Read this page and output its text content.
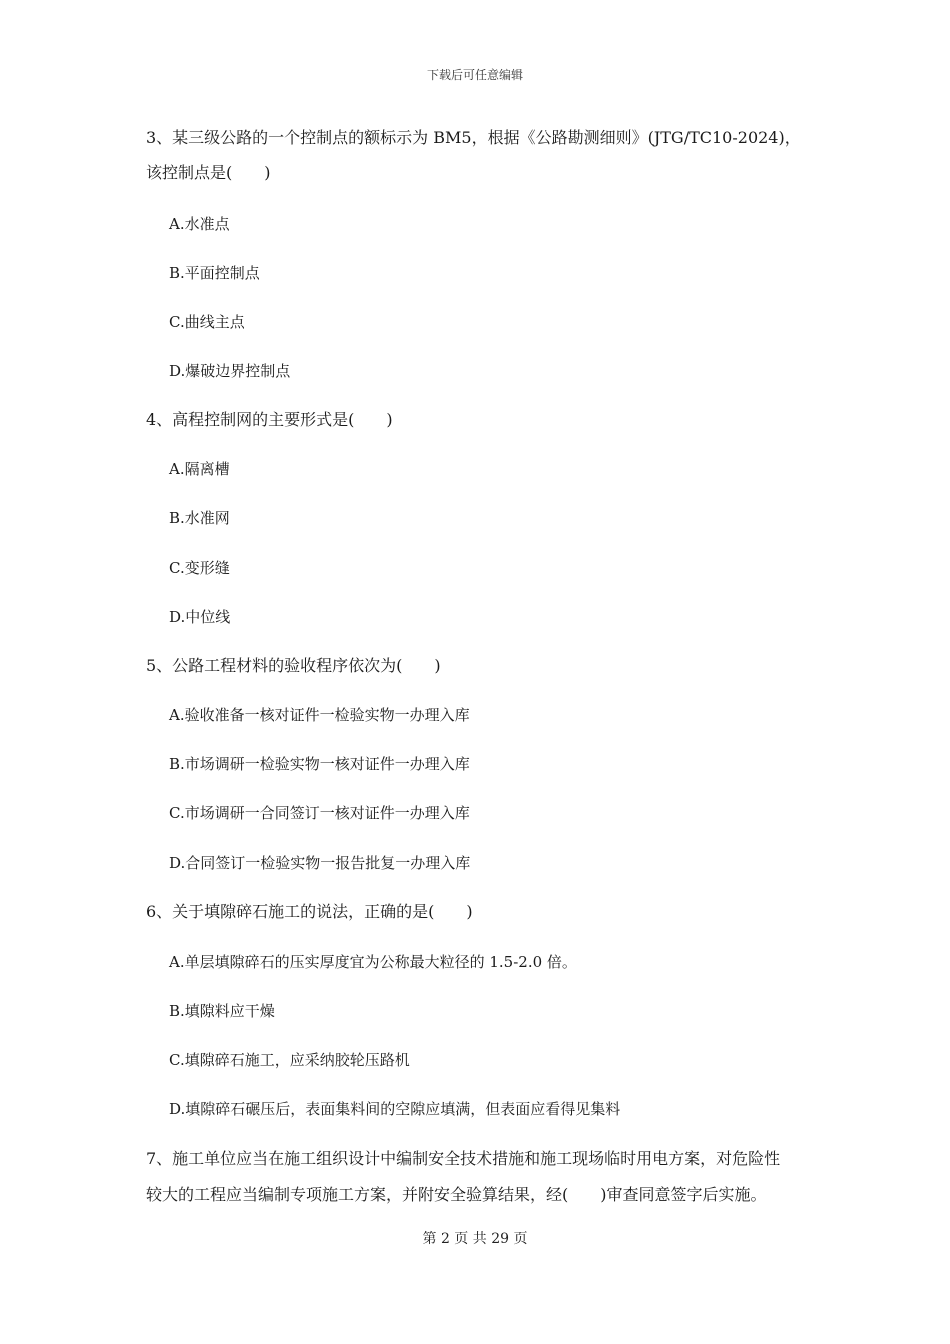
下载后可任意编辑
3、某三级公路的一个控制点的额标示为 BM5，根据《公路勘测细则》(JTG/TC10-2024)，
该控制点是(　　)
A.水准点
B.平面控制点
C.曲线主点
D.爆破边界控制点
4、高程控制网的主要形式是(　　)
A.隔离槽
B.水准网
C.变形缝
D.中位线
5、公路工程材料的验收程序依次为(　　)
A.验收准备一核对证件一检验实物一办理入库
B.市场调研一检验实物一核对证件一办理入库
C.市场调研一合同签订一核对证件一办理入库
D.合同签订一检验实物一报告批复一办理入库
6、关于填隙碎石施工的说法，正确的是(　　)
A.单层填隙碎石的压实厚度宜为公称最大粒径的 1.5-2.0 倍。
B.填隙料应干燥
C.填隙碎石施工，应采纳胶轮压路机
D.填隙碎石碾压后，表面集料间的空隙应填满，但表面应看得见集料
7、施工单位应当在施工组织设计中编制安全技术措施和施工现场临时用电方案，对危险性
较大的工程应当编制专项施工方案，并附安全验算结果，经(　　)审查同意签字后实施。
第 2 页 共 29 页
